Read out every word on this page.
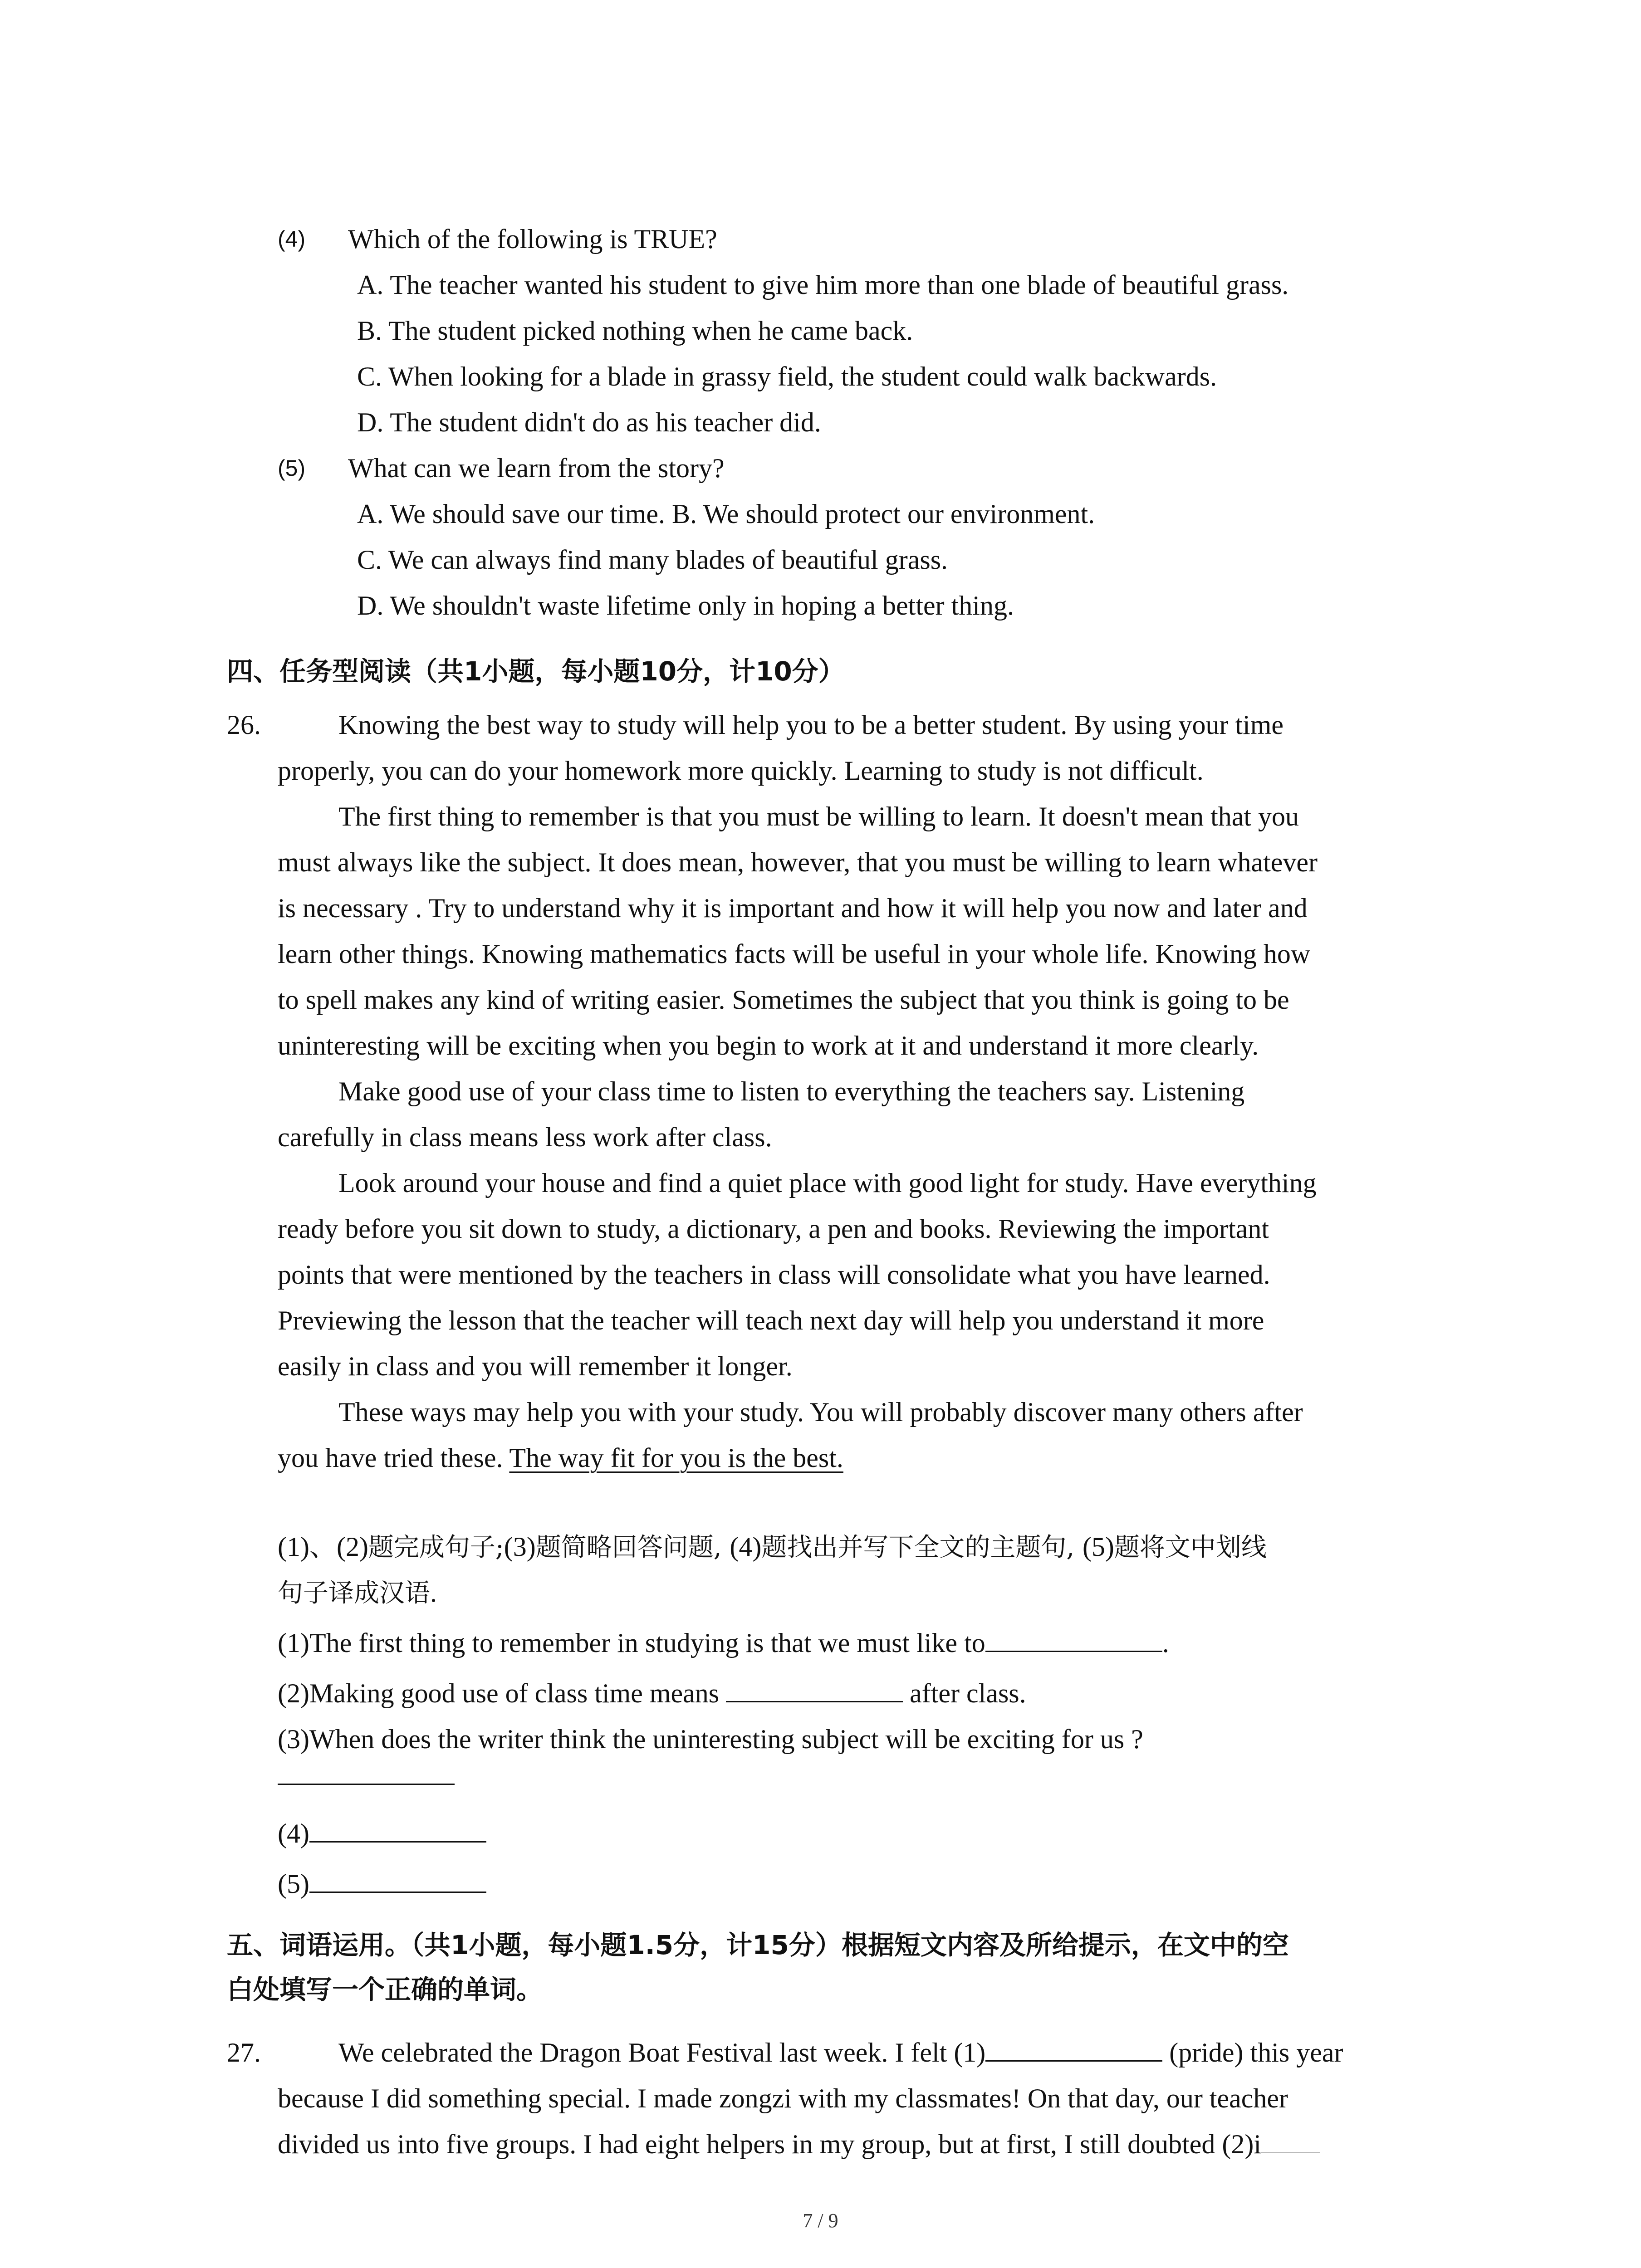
(4) Which of the following is TRUE?
A. The teacher wanted his student to give him more than one blade of beautiful grass.
B. The student picked nothing when he came back.
C. When looking for a blade in grassy field, the student could walk backwards.
D. The student didn't do as his teacher did.
(5) What can we learn from the story?
A. We should save our time. B. We should protect our environment.
C. We can always find many blades of beautiful grass.
D. We shouldn't waste lifetime only in hoping a better thing.
四、任务型阅读（共1小题，每小题10分，计10分）
26.	Knowing the best way to study will help you to be a better student. By using your time
properly, you can do your homework more quickly. Learning to study is not difficult.
The first thing to remember is that you must be willing to learn. It doesn't mean that you
must always like the subject. It does mean, however, that you must be willing to learn whatever
is necessary . Try to understand why it is important and how it will help you now and later and
learn other things. Knowing mathematics facts will be useful in your whole life. Knowing how
to spell makes any kind of writing easier. Sometimes the subject that you think is going to be
uninteresting will be exciting when you begin to work at it and understand it more clearly.
Make good use of your class time to listen to everything the teachers say. Listening
carefully in class means less work after class.
Look around your house and find a quiet place with good light for study. Have everything
ready before you sit down to study, a dictionary, a pen and books. Reviewing the important
points that were mentioned by the teachers in class will consolidate what you have learned.
Previewing the lesson that the teacher will teach next day will help you understand it more
easily in class and you will remember it longer.
These ways may help you with your study. You will probably discover many others after
you have tried these. The way fit for you is the best.
(1)、(2)题完成句子;(3)题简略回答问题, (4)题找出并写下全文的主题句, (5)题将文中划线
句子译成汉语.
(1)The first thing to remember in studying is that we must like to	.
(2)Making good use of class time means	after class.
(3)When does the writer think the uninteresting subject will be exciting for us ?
(4)
(5)
五、词语运用。（共1小题，每小题1.5分，计15分）根据短文内容及所给提示，在文中的空
白处填写一个正确的单词。
27.	We celebrated the Dragon Boat Festival last week. I felt (1)	(pride) this year
because I did something special. I made zongzi with my classmates! On that day, our teacher
divided us into five groups. I had eight helpers in my group, but at first, I still doubted (2)i
7 / 9
